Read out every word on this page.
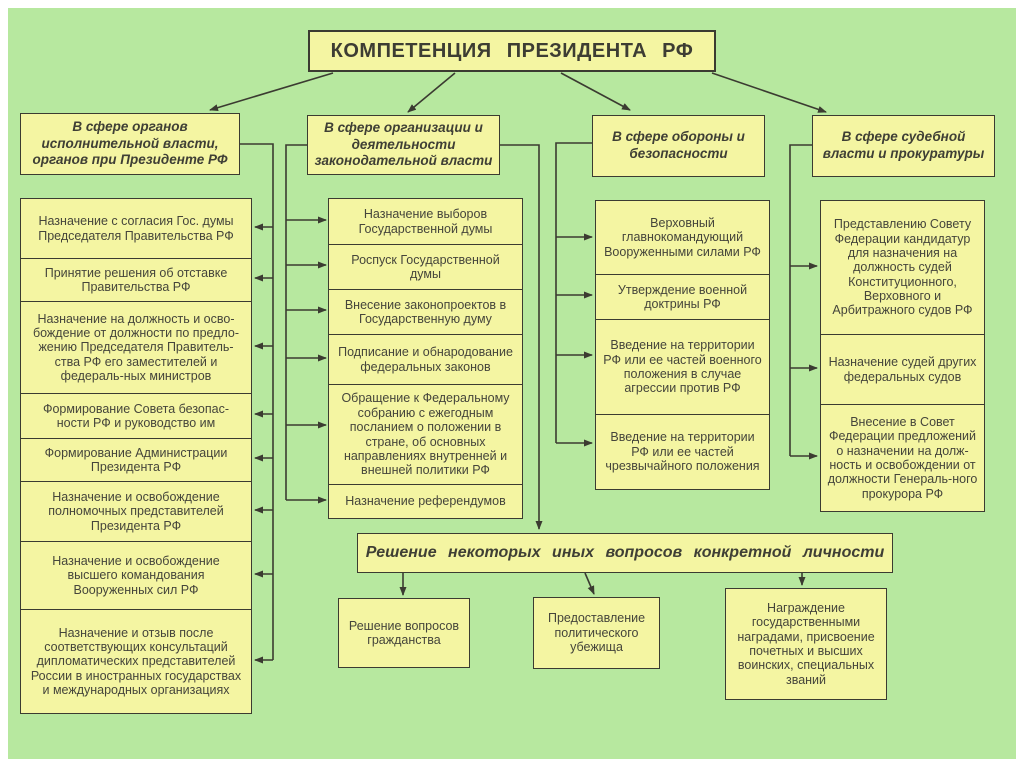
КОМПЕТЕНЦИЯ ПРЕЗИДЕНТА РФ
В сфере органов исполнительной власти, органов при Президенте РФ
В сфере организации и деятельности законодательной власти
В сфере обороны и безопасности
В сфере судебной власти и прокуратуры
Назначение с согласия Гос. думы Председателя Правительства РФ
Принятие решения об отставке Правительства РФ
Назначение на должность и осво-бождение от должности по предло-жению Председателя Правитель-ства РФ его заместителей и федераль-ных министров
Формирование Совета безопас-ности РФ и руководство им
Формирование Администрации Президента РФ
Назначение и освобождение полномочных представителей Президента РФ
Назначение и освобождение высшего командования Вооруженных сил РФ
Назначение и отзыв после соответствующих консультаций дипломатических представителей России в иностранных государствах и международных организациях
Назначение выборов Государственной думы
Роспуск Государственной думы
Внесение законопроектов в Государственную думу
Подписание и обнародование федеральных законов
Обращение к Федеральному собранию с ежегодным посланием о положении в стране, об основных направлениях внутренней и внешней политики РФ
Назначение референдумов
Верховный главнокомандующий Вооруженными силами РФ
Утверждение военной доктрины РФ
Введение на территории РФ или ее частей военного положения в случае агрессии против РФ
Введение на территории РФ или ее частей чрезвычайного положения
Представлению Совету Федерации кандидатур для назначения на должность судей Конституционного, Верховного и Арбитражного судов РФ
Назначение судей других федеральных судов
Внесение в Совет Федерации предложений о назначении на долж-ность и освобождении от должности Генераль-ного прокурора РФ
Решение некоторых иных вопросов конкретной личности
Решение вопросов гражданства
Предоставление политического убежища
Награждение государственными наградами, присвоение почетных и высших воинских, специальных званий
